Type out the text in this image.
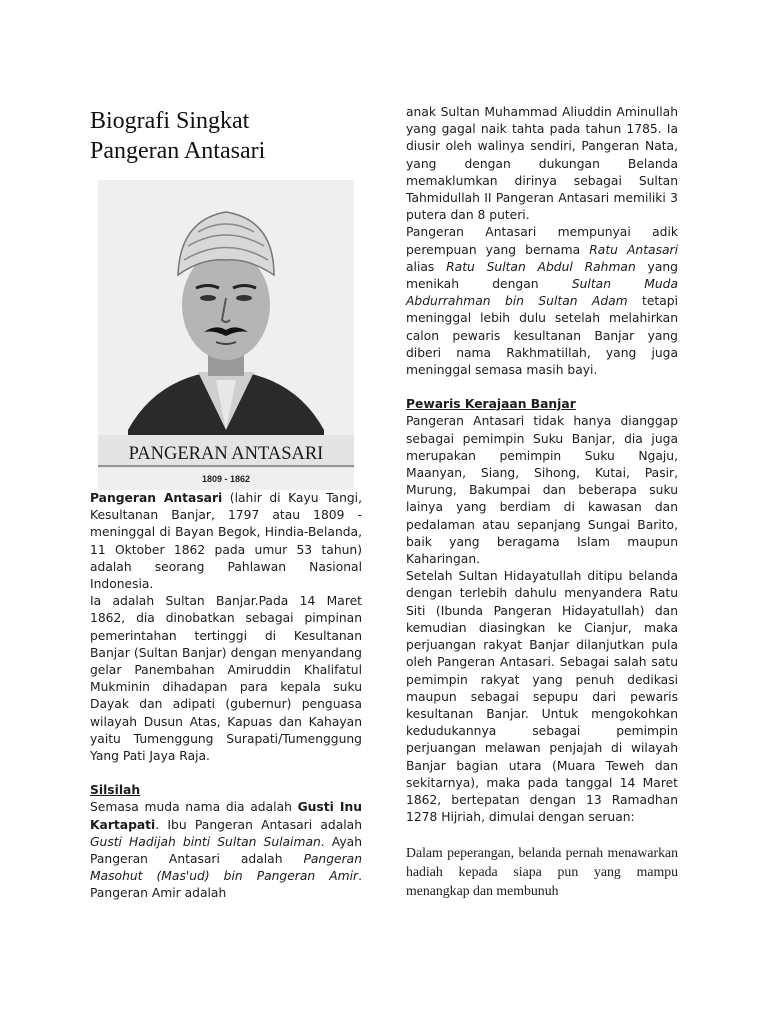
Biografi Singkat
Pangeran Antasari
PANGERAN ANTASARI
1809 - 1862

Pangeran Antasari (lahir di Kayu Tangi, Kesultanan Banjar, 1797 atau 1809 - meninggal di Bayan Begok, Hindia-Belanda, 11 Oktober 1862 pada umur 53 tahun) adalah seorang Pahlawan Nasional Indonesia.

Ia adalah Sultan Banjar.Pada 14 Maret 1862, dia dinobatkan sebagai pimpinan pemerintahan tertinggi di Kesultanan Banjar (Sultan Banjar) dengan menyandang gelar Panembahan Amiruddin Khalifatul Mukminin dihadapan para kepala suku Dayak dan adipati (gubernur) penguasa wilayah Dusun Atas, Kapuas dan Kahayan yaitu Tumenggung Surapati/Tumenggung Yang Pati Jaya Raja.

Silsilah

Semasa muda nama dia adalah Gusti Inu Kartapati. Ibu Pangeran Antasari adalah Gusti Hadijah binti Sultan Sulaiman. Ayah Pangeran Antasari adalah Pangeran Masohut (Mas'ud) bin Pangeran Amir. Pangeran Amir adalah

anak Sultan Muhammad Aliuddin Aminullah yang gagal naik tahta pada tahun 1785. Ia diusir oleh walinya sendiri, Pangeran Nata, yang dengan dukungan Belanda memaklumkan dirinya sebagai Sultan Tahmidullah II Pangeran Antasari memiliki 3 putera dan 8 puteri.

Pangeran Antasari mempunyai adik perempuan yang bernama Ratu Antasari alias Ratu Sultan Abdul Rahman yang menikah dengan Sultan Muda Abdurrahman bin Sultan Adam tetapi meninggal lebih dulu setelah melahirkan calon pewaris kesultanan Banjar yang diberi nama Rakhmatillah, yang juga meninggal semasa masih bayi.

Pewaris Kerajaan Banjar

Pangeran Antasari tidak hanya dianggap sebagai pemimpin Suku Banjar, dia juga merupakan pemimpin Suku Ngaju, Maanyan, Siang, Sihong, Kutai, Pasir, Murung, Bakumpai dan beberapa suku lainya yang berdiam di kawasan dan pedalaman atau sepanjang Sungai Barito, baik yang beragama Islam maupun Kaharingan.

Setelah Sultan Hidayatullah ditipu belanda dengan terlebih dahulu menyandera Ratu Siti (Ibunda Pangeran Hidayatullah) dan kemudian diasingkan ke Cianjur, maka perjuangan rakyat Banjar dilanjutkan pula oleh Pangeran Antasari. Sebagai salah satu pemimpin rakyat yang penuh dedikasi maupun sebagai sepupu dari pewaris kesultanan Banjar. Untuk mengokohkan kedudukannya sebagai pemimpin perjuangan melawan penjajah di wilayah Banjar bagian utara (Muara Teweh dan sekitarnya), maka pada tanggal 14 Maret 1862, bertepatan dengan 13 Ramadhan 1278 Hijriah, dimulai dengan seruan:

Dalam peperangan, belanda pernah menawarkan hadiah kepada siapa pun yang mampu menangkap dan membunuh
